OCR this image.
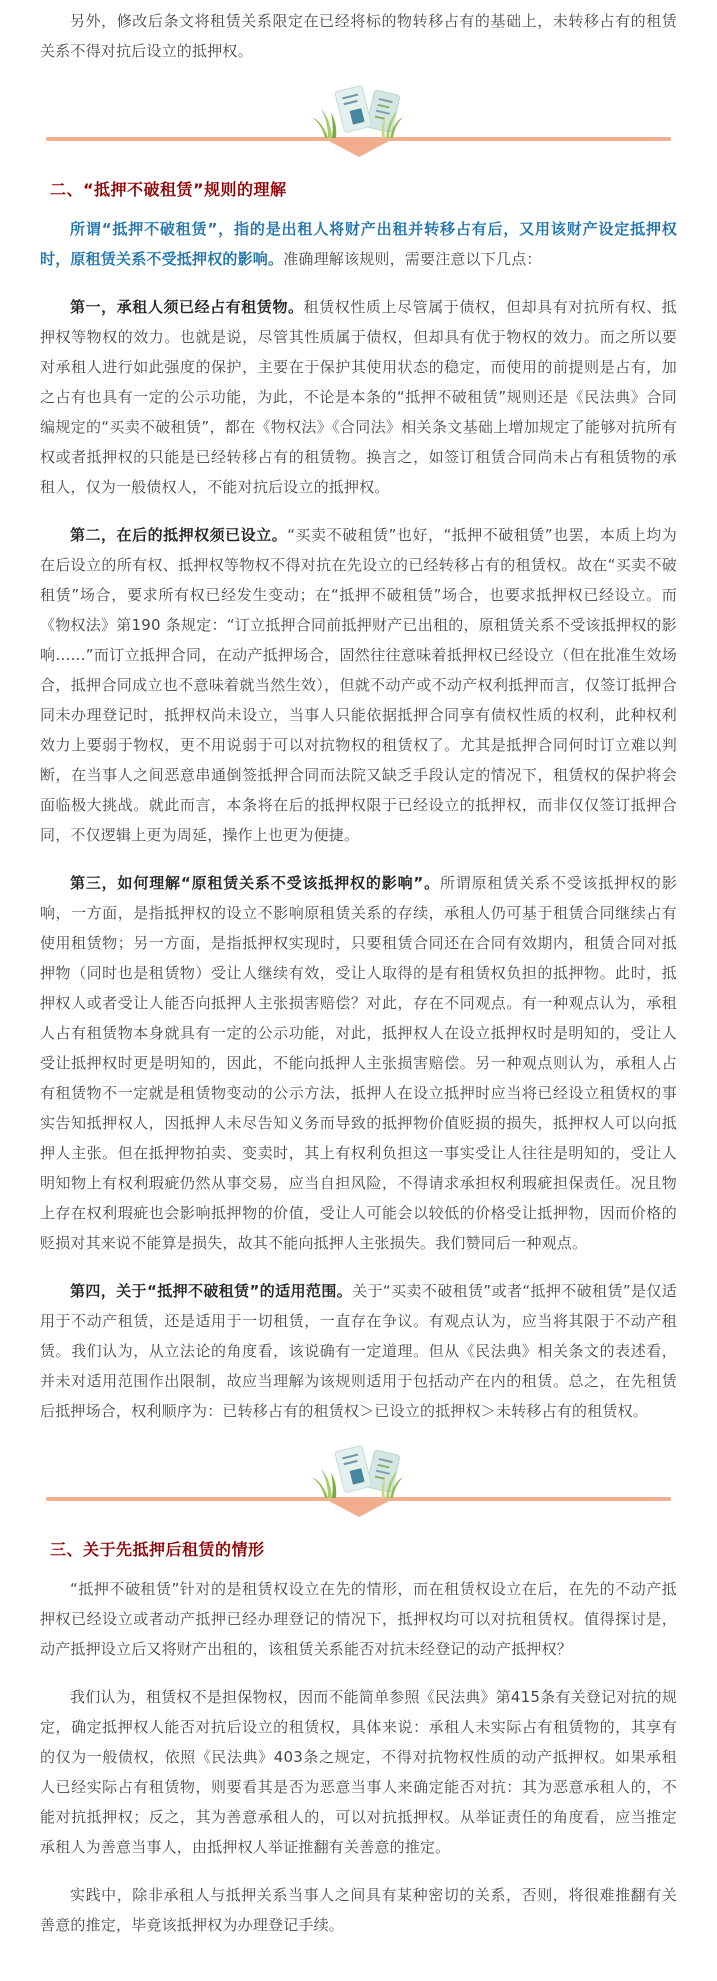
另外，修改后条文将租赁关系限定在已经将标的物转移占有的基础上，未转移占有的租赁关系不得对抗后设立的抵押权。

二、“抵押不破租赁”规则的理解

所谓“抵押不破租赁”，指的是出租人将财产出租并转移占有后，又用该财产设定抵押权时，原租赁关系不受抵押权的影响。准确理解该规则，需要注意以下几点：

第一，承租人须已经占有租赁物。租赁权性质上尽管属于债权，但却具有对抗所有权、抵押权等物权的效力。也就是说，尽管其性质属于债权，但却具有优于物权的效力。而之所以要对承租人进行如此强度的保护，主要在于保护其使用状态的稳定，而使用的前提则是占有，加之占有也具有一定的公示功能，为此，不论是本条的“抵押不破租赁”规则还是《民法典》合同编规定的“买卖不破租赁”，都在《物权法》《合同法》相关条文基础上增加规定了能够对抗所有权或者抵押权的只能是已经转移占有的租赁物。换言之，如签订租赁合同尚未占有租赁物的承租人，仅为一般债权人，不能对抗后设立的抵押权。

第二，在后的抵押权须已设立。“买卖不破租赁”也好，“抵押不破租赁”也罢，本质上均为在后设立的所有权、抵押权等物权不得对抗在先设立的已经转移占有的租赁权。故在“买卖不破租赁”场合，要求所有权已经发生变动；在“抵押不破租赁”场合，也要求抵押权已经设立。而《物权法》第190 条规定：“订立抵押合同前抵押财产已出租的，原租赁关系不受该抵押权的影响……”而订立抵押合同，在动产抵押场合，固然往往意味着抵押权已经设立（但在批准生效场合，抵押合同成立也不意味着就当然生效），但就不动产或不动产权利抵押而言，仅签订抵押合同未办理登记时，抵押权尚未设立，当事人只能依据抵押合同享有债权性质的权利，此种权利效力上要弱于物权，更不用说弱于可以对抗物权的租赁权了。尤其是抵押合同何时订立难以判断，在当事人之间恶意串通倒签抵押合同而法院又缺乏手段认定的情况下，租赁权的保护将会面临极大挑战。就此而言，本条将在后的抵押权限于已经设立的抵押权，而非仅仅签订抵押合同，不仅逻辑上更为周延，操作上也更为便捷。

第三，如何理解“原租赁关系不受该抵押权的影响”。所谓原租赁关系不受该抵押权的影响，一方面，是指抵押权的设立不影响原租赁关系的存续，承租人仍可基于租赁合同继续占有使用租赁物；另一方面，是指抵押权实现时，只要租赁合同还在合同有效期内，租赁合同对抵押物（同时也是租赁物）受让人继续有效，受让人取得的是有租赁权负担的抵押物。此时，抵押权人或者受让人能否向抵押人主张损害赔偿？对此，存在不同观点。有一种观点认为，承租人占有租赁物本身就具有一定的公示功能，对此，抵押权人在设立抵押权时是明知的，受让人受让抵押权时更是明知的，因此，不能向抵押人主张损害赔偿。另一种观点则认为，承租人占有租赁物不一定就是租赁物变动的公示方法，抵押人在设立抵押时应当将已经设立租赁权的事实告知抵押权人，因抵押人未尽告知义务而导致的抵押物价值贬损的损失，抵押权人可以向抵押人主张。但在抵押物拍卖、变卖时，其上有权利负担这一事实受让人往往是明知的，受让人明知物上有权利瑕疵仍然从事交易，应当自担风险，不得请求承担权利瑕疵担保责任。况且物上存在权利瑕疵也会影响抵押物的价值，受让人可能会以较低的价格受让抵押物，因而价格的贬损对其来说不能算是损失，故其不能向抵押人主张损失。我们赞同后一种观点。

第四，关于“抵押不破租赁”的适用范围。关于“买卖不破租赁”或者“抵押不破租赁”是仅适用于不动产租赁，还是适用于一切租赁，一直存在争议。有观点认为，应当将其限于不动产租赁。我们认为，从立法论的角度看，该说确有一定道理。但从《民法典》相关条文的表述看，并未对适用范围作出限制，故应当理解为该规则适用于包括动产在内的租赁。总之，在先租赁后抵押场合，权利顺序为：已转移占有的租赁权＞已设立的抵押权＞未转移占有的租赁权。

三、关于先抵押后租赁的情形

“抵押不破租赁”针对的是租赁权设立在先的情形，而在租赁权设立在后，在先的不动产抵押权已经设立或者动产抵押已经办理登记的情况下，抵押权均可以对抗租赁权。值得探讨是，动产抵押设立后又将财产出租的，该租赁关系能否对抗未经登记的动产抵押权？

我们认为，租赁权不是担保物权，因而不能简单参照《民法典》第415条有关登记对抗的规定，确定抵押权人能否对抗后设立的租赁权，具体来说：承租人未实际占有租赁物的，其享有的仅为一般债权，依照《民法典》403条之规定，不得对抗物权性质的动产抵押权。如果承租人已经实际占有租赁物，则要看其是否为恶意当事人来确定能否对抗：其为恶意承租人的，不能对抗抵押权；反之，其为善意承租人的，可以对抗抵押权。从举证责任的角度看，应当推定承租人为善意当事人，由抵押权人举证推翻有关善意的推定。

实践中，除非承租人与抵押关系当事人之间具有某种密切的关系，否则，将很难推翻有关善意的推定，毕竟该抵押权为办理登记手续。
